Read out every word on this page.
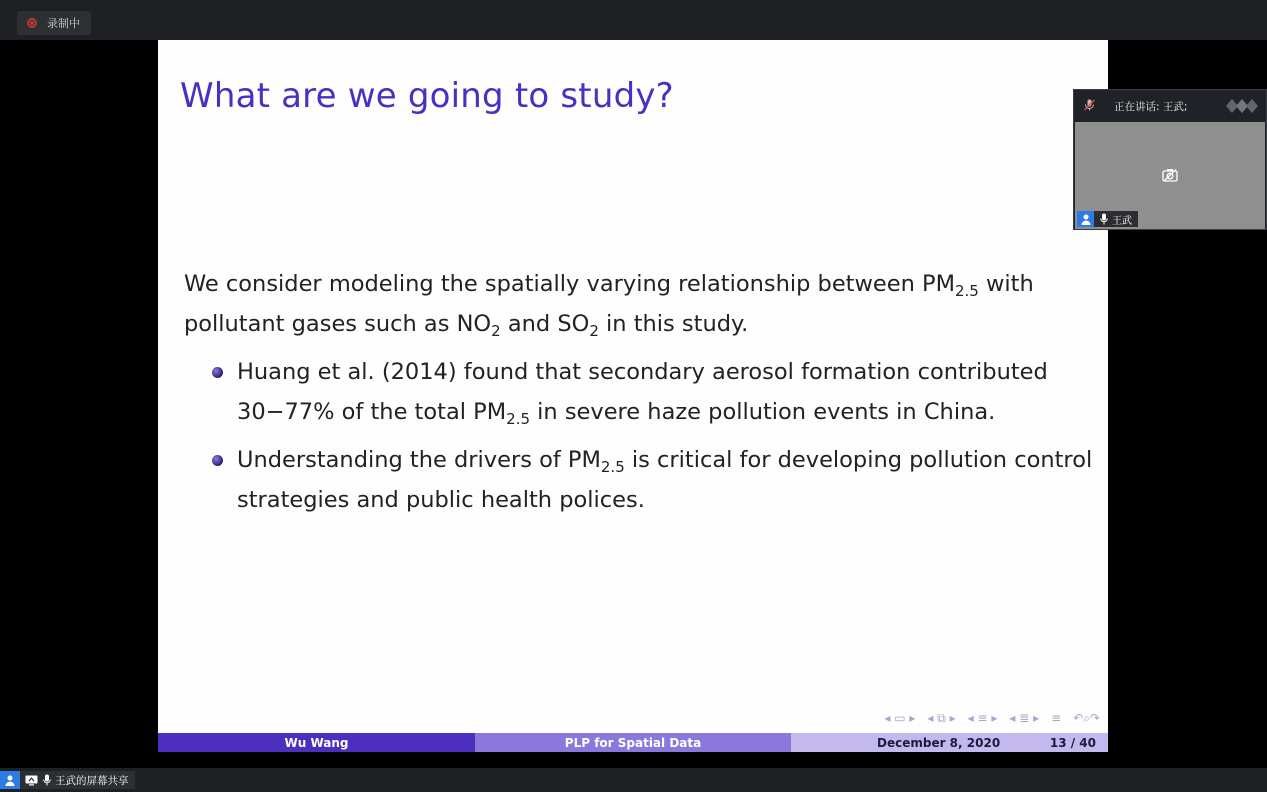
录制中
What are we going to study?
We consider modeling the spatially varying relationship between $PM_{2.5}$ with
pollutant gases such as $NO_2$ and $SO_2$ in this study.
Huang et al. (2014) found that secondary aerosol formation contributed
30−77% of the total $PM_{2.5}$ in severe haze pollution events in China.
Understanding the drivers of $PM_{2.5}$ is critical for developing pollution control
strategies and public health polices.
◂ ▭ ▸ ◂ ⧉ ▸ ◂ ≡ ▸ ◂ ≣ ▸ ≡ ↶⌕↷
Wu Wang	PLP for Spatial Data	December 8, 2020	13 / 40
正在讲话: 王武;
王武
王武的屏幕共享
